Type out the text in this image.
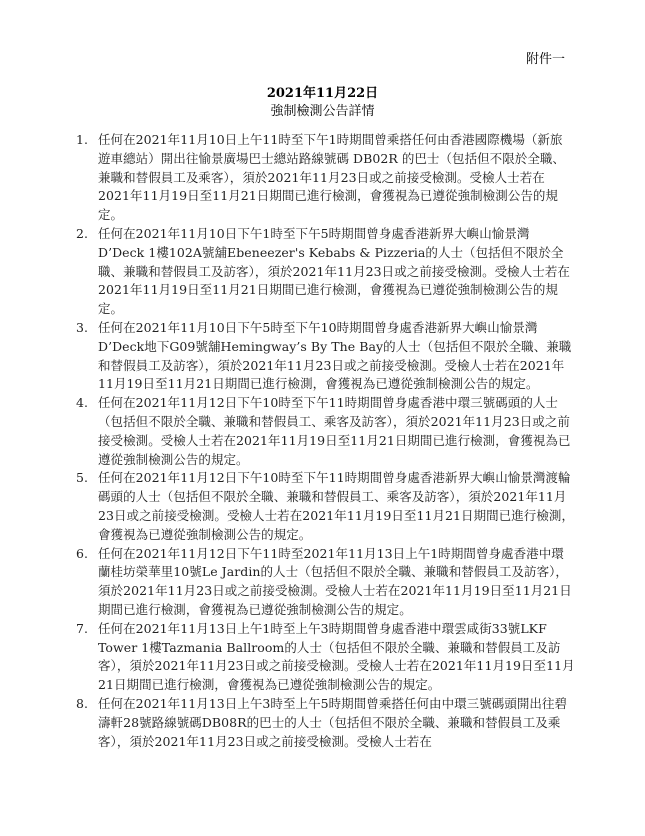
附件一
2021年11月22日
強制檢測公告詳情
1. 任何在2021年11月10日上午11時至下午1時期間曾乘搭任何由香港國際機場（新旅遊車總站）開出往愉景廣場巴士總站路線號碼 DB02R 的巴士（包括但不限於全職、兼職和替假員工及乘客），須於2021年11月23日或之前接受檢測。受檢人士若在2021年11月19日至11月21日期間已進行檢測，會獲視為已遵從強制檢測公告的規定。
2. 任何在2021年11月10日下午1時至下午5時期間曾身處香港新界大嶼山愉景灣D’Deck 1樓102A號舖Ebeneezer's Kebabs & Pizzeria的人士（包括但不限於全職、兼職和替假員工及訪客），須於2021年11月23日或之前接受檢測。受檢人士若在2021年11月19日至11月21日期間已進行檢測，會獲視為已遵從強制檢測公告的規定。
3. 任何在2021年11月10日下午5時至下午10時期間曾身處香港新界大嶼山愉景灣D’Deck地下G09號舖Hemingway’s By The Bay的人士（包括但不限於全職、兼職和替假員工及訪客），須於2021年11月23日或之前接受檢測。受檢人士若在2021年11月19日至11月21日期間已進行檢測，會獲視為已遵從強制檢測公告的規定。
4. 任何在2021年11月12日下午10時至下午11時期間曾身處香港中環三號碼頭的人士（包括但不限於全職、兼職和替假員工、乘客及訪客），須於2021年11月23日或之前接受檢測。受檢人士若在2021年11月19日至11月21日期間已進行檢測，會獲視為已遵從強制檢測公告的規定。
5. 任何在2021年11月12日下午10時至下午11時期間曾身處香港新界大嶼山愉景灣渡輪碼頭的人士（包括但不限於全職、兼職和替假員工、乘客及訪客），須於2021年11月23日或之前接受檢測。受檢人士若在2021年11月19日至11月21日期間已進行檢測，會獲視為已遵從強制檢測公告的規定。
6. 任何在2021年11月12日下午11時至2021年11月13日上午1時期間曾身處香港中環蘭桂坊榮華里10號Le Jardin的人士（包括但不限於全職、兼職和替假員工及訪客），須於2021年11月23日或之前接受檢測。受檢人士若在2021年11月19日至11月21日期間已進行檢測，會獲視為已遵從強制檢測公告的規定。
7. 任何在2021年11月13日上午1時至上午3時期間曾身處香港中環雲咸街33號LKF Tower 1樓Tazmania Ballroom的人士（包括但不限於全職、兼職和替假員工及訪客），須於2021年11月23日或之前接受檢測。受檢人士若在2021年11月19日至11月21日期間已進行檢測，會獲視為已遵從強制檢測公告的規定。
8. 任何在2021年11月13日上午3時至上午5時期間曾乘搭任何由中環三號碼頭開出往碧濤軒28號路線號碼DB08R的巴士的人士（包括但不限於全職、兼職和替假員工及乘客），須於2021年11月23日或之前接受檢測。受檢人士若在
